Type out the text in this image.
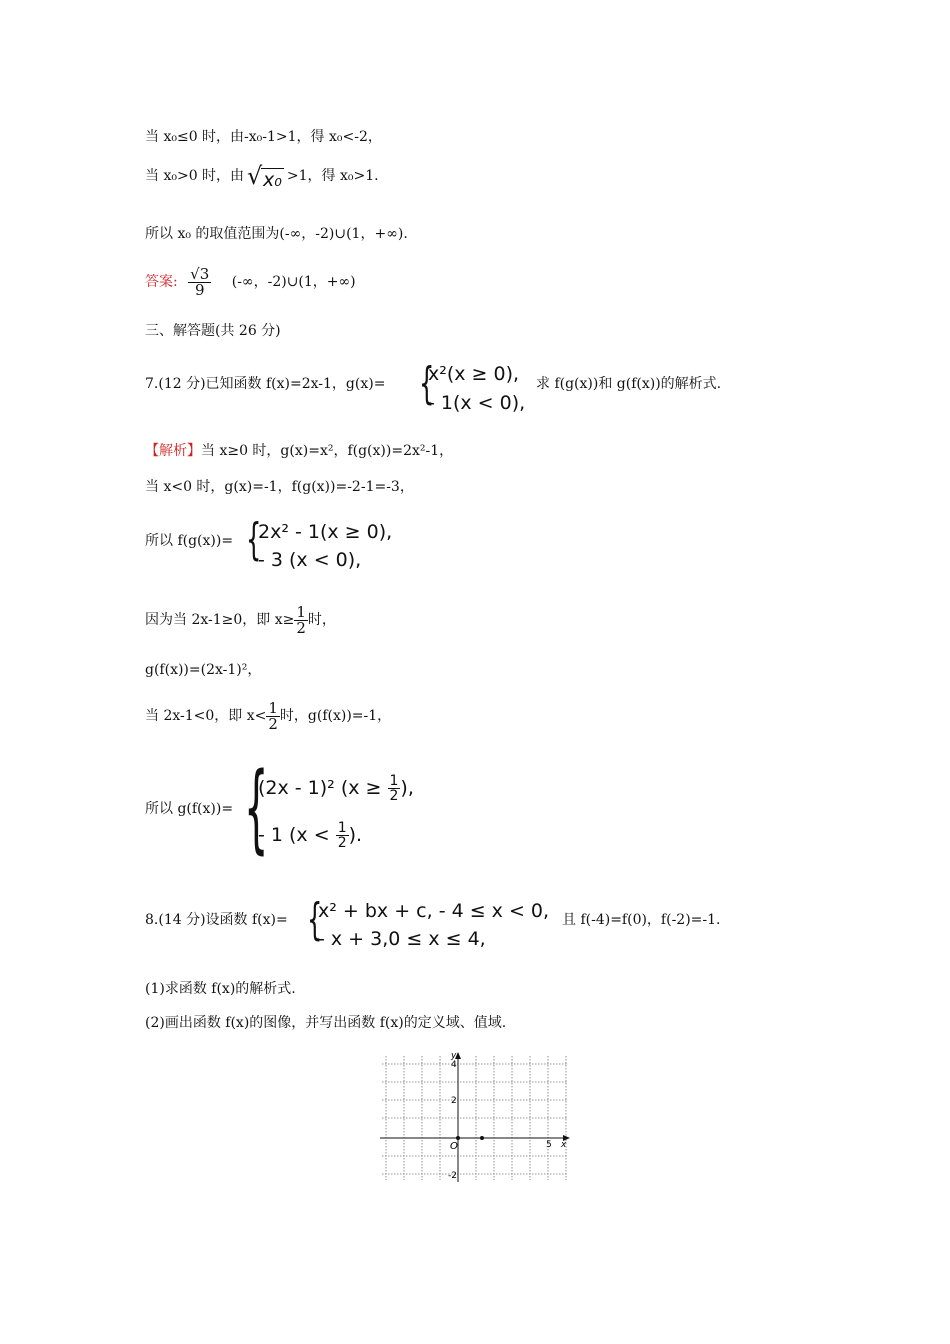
当 x₀≤0 时，由-x₀-1>1，得 x₀<-2，
当 x₀>0 时，由 √ x₀ >1，得 x₀>1.
所以 x₀ 的取值范围为(-∞，-2)∪(1，+∞).
答案: $\frac{√3}{9}$ (-∞，-2)∪(1，+∞)
三、解答题(共 26 分)
7.(12 分)已知函数 f(x)=2x-1，g(x)= {
x²(x ≥ 0),
- 1(x < 0),
求 f(g(x))和 g(f(x))的解析式.
【解析】当 x≥0 时，g(x)=x²，f(g(x))=2x²-1，
当 x<0 时，g(x)=-1，f(g(x))=-2-1=-3，
所以 f(g(x))= {
2x² - 1(x ≥ 0),
- 3 (x < 0),
因为当 2x-1≥0，即 $x\ge \frac{1}{2}$ 时，
g(f(x))=(2x-1)²，
当 2x-1<0，即 $x< \frac{1}{2}$ 时，g(f(x))=-1，
所以 g(f(x))= {
(2x - 1)² ($x \ge \frac{1}{2}$ ),
- 1 ($x < \frac{1}{2}$ ).
8.(14 分)设函数 f(x)= {
x² + bx + c, - 4 ≤ x < 0,
- x + 3,0 ≤ x ≤ 4,
且 f(-4)=f(0)，f(-2)=-1.
(1)求函数 f(x)的解析式.
(2)画出函数 f(x)的图像，并写出函数 f(x)的定义域、值域.
y
x
O
4
2
-2
5
